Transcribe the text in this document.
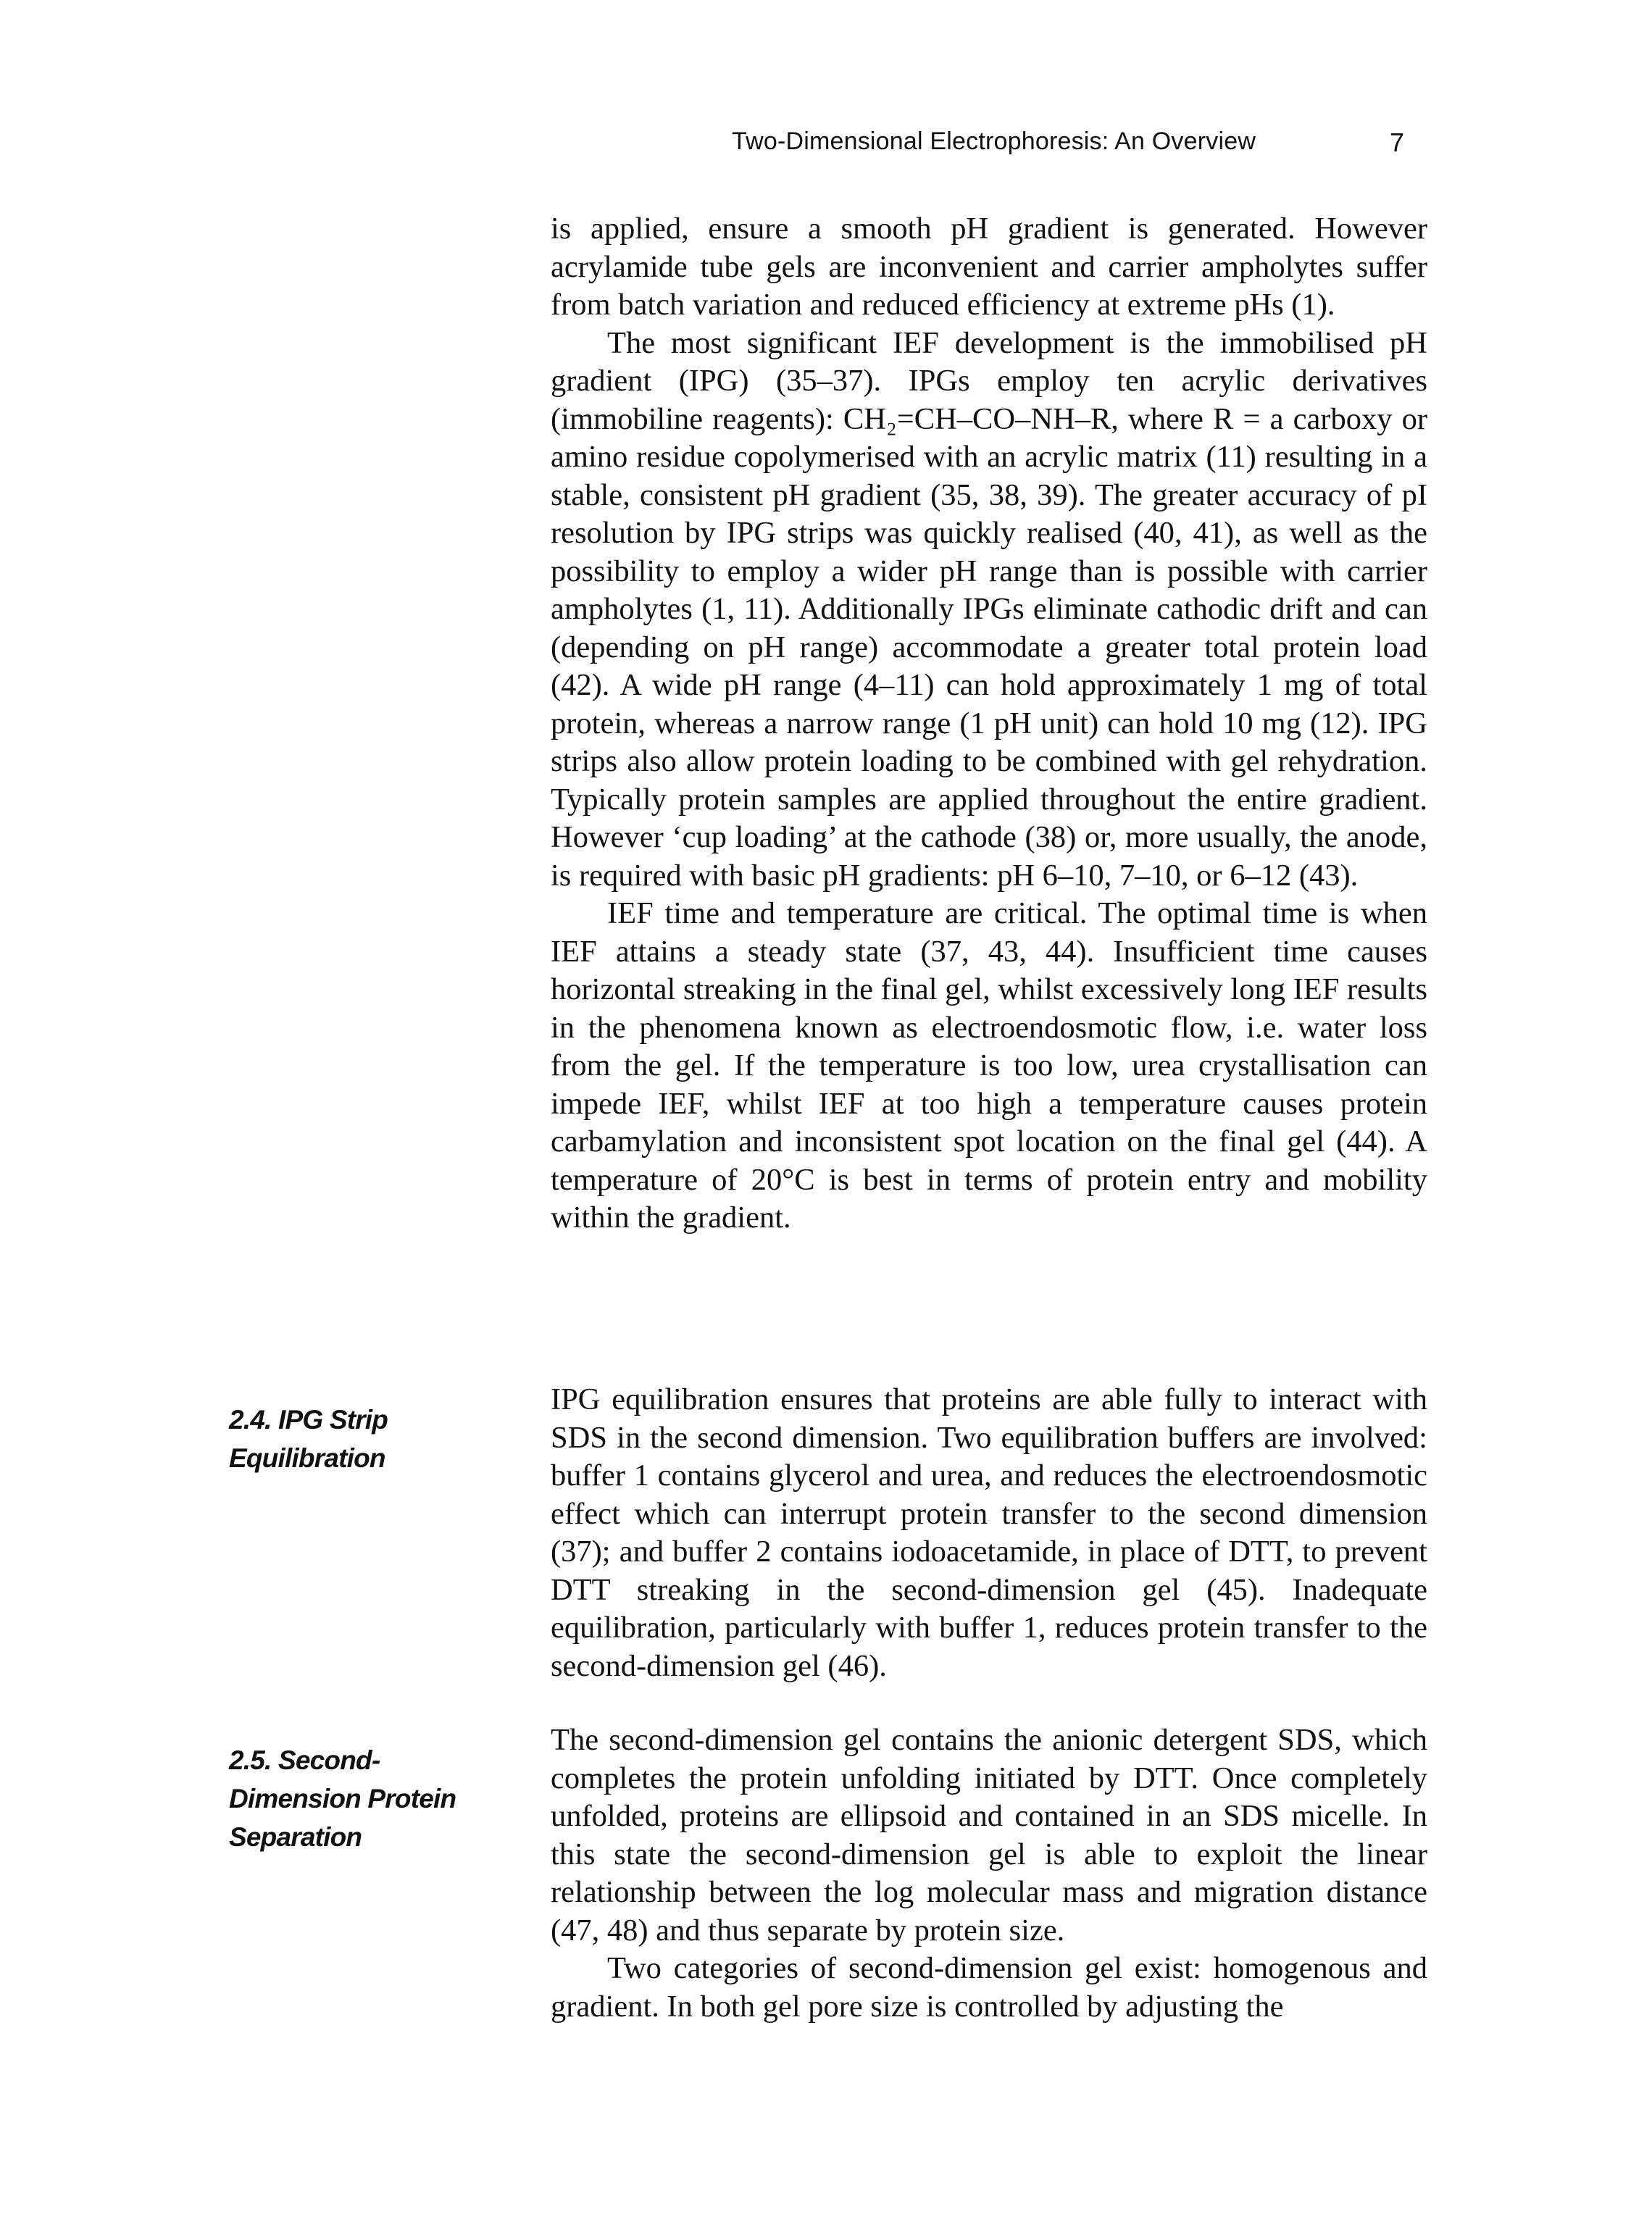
Two-Dimensional Electrophoresis: An Overview	7

is applied, ensure a smooth pH gradient is generated. However acrylamide tube gels are inconvenient and carrier ampholytes suffer from batch variation and reduced efficiency at extreme pHs (1).

The most significant IEF development is the immobilised pH gradient (IPG) (35–37). IPGs employ ten acrylic derivatives (immobiline reagents): CH₂=CH–CO–NH–R, where R = a carboxy or amino residue copolymerised with an acrylic matrix (11) resulting in a stable, consistent pH gradient (35, 38, 39). The greater accuracy of pI resolution by IPG strips was quickly realised (40, 41), as well as the possibility to employ a wider pH range than is possible with carrier ampholytes (1, 11). Additionally IPGs eliminate cathodic drift and can (depending on pH range) accommodate a greater total protein load (42). A wide pH range (4–11) can hold approximately 1 mg of total protein, whereas a narrow range (1 pH unit) can hold 10 mg (12). IPG strips also allow protein loading to be combined with gel rehydration. Typically protein samples are applied throughout the entire gradient. However ‘cup loading’ at the cathode (38) or, more usually, the anode, is required with basic pH gradients: pH 6–10, 7–10, or 6–12 (43).

IEF time and temperature are critical. The optimal time is when IEF attains a steady state (37, 43, 44). Insufficient time causes horizontal streaking in the final gel, whilst excessively long IEF results in the phenomena known as electroendosmotic flow, i.e. water loss from the gel. If the temperature is too low, urea crystallisation can impede IEF, whilst IEF at too high a temperature causes protein carbamylation and inconsistent spot location on the final gel (44). A temperature of 20°C is best in terms of protein entry and mobility within the gradient.

2.4. IPG Strip Equilibration

IPG equilibration ensures that proteins are able fully to interact with SDS in the second dimension. Two equilibration buffers are involved: buffer 1 contains glycerol and urea, and reduces the electroendosmotic effect which can interrupt protein transfer to the second dimension (37); and buffer 2 contains iodoacetamide, in place of DTT, to prevent DTT streaking in the second-dimension gel (45). Inadequate equilibration, particularly with buffer 1, reduces protein transfer to the second-dimension gel (46).

2.5. Second-Dimension Protein Separation

The second-dimension gel contains the anionic detergent SDS, which completes the protein unfolding initiated by DTT. Once completely unfolded, proteins are ellipsoid and contained in an SDS micelle. In this state the second-dimension gel is able to exploit the linear relationship between the log molecular mass and migration distance (47, 48) and thus separate by protein size.

Two categories of second-dimension gel exist: homogenous and gradient. In both gel pore size is controlled by adjusting the
